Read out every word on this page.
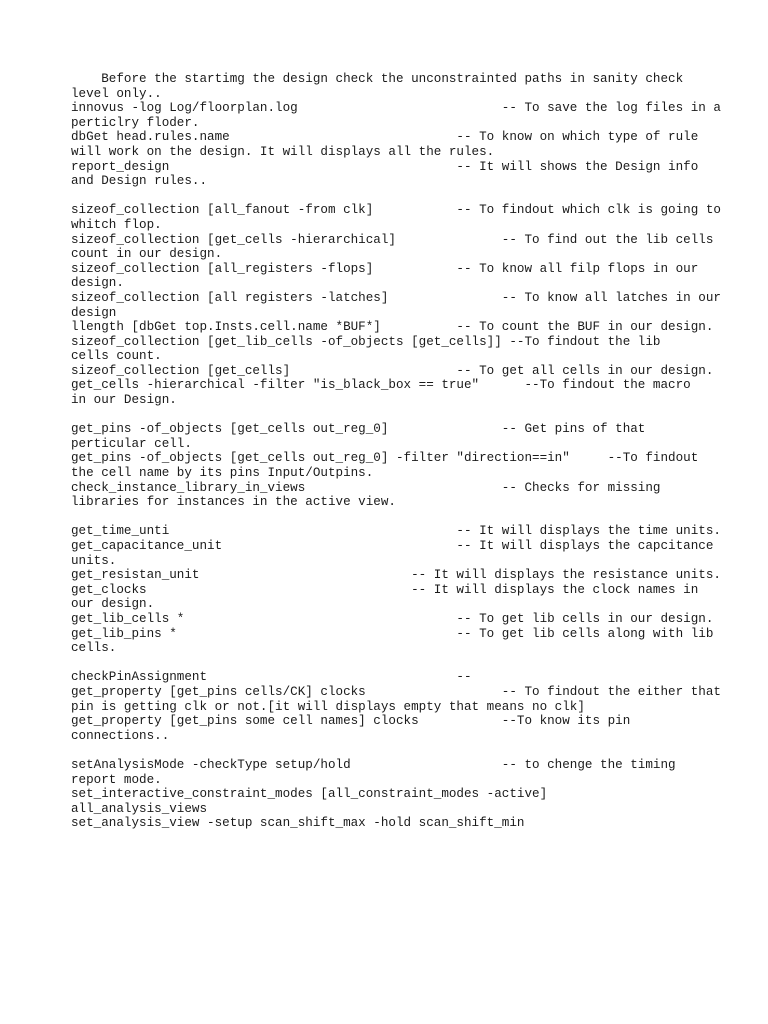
Before the startimg the design check the unconstrainted paths in sanity check
level only..
innovus -log Log/floorplan.log                           -- To save the log files in a
perticlry floder.
dbGet head.rules.name                              -- To know on which type of rule
will work on the design. It will displays all the rules.
report_design                                      -- It will shows the Design info
and Design rules..
sizeof_collection [all_fanout -from clk]           -- To findout which clk is going to
whitch flop.
sizeof_collection [get_cells -hierarchical]              -- To find out the lib cells
count in our design.
sizeof_collection [all_registers -flops]           -- To know all filp flops in our
design.
sizeof_collection [all registers -latches]               -- To know all latches in our
design
llength [dbGet top.Insts.cell.name *BUF*]          -- To count the BUF in our design.
sizeof_collection [get_lib_cells -of_objects [get_cells]] --To findout the lib
cells count.
sizeof_collection [get_cells]                      -- To get all cells in our design.
get_cells -hierarchical -filter "is_black_box == true"      --To findout the macro
in our Design.
get_pins -of_objects [get_cells out_reg_0]               -- Get pins of that
perticular cell.
get_pins -of_objects [get_cells out_reg_0] -filter "direction==in"     --To findout
the cell name by its pins Input/Outpins.
check_instance_library_in_views                          -- Checks for missing
libraries for instances in the active view.
get_time_unti                                      -- It will displays the time units.
get_capacitance_unit                               -- It will displays the capcitance
units.
get_resistan_unit                            -- It will displays the resistance units.
get_clocks                                   -- It will displays the clock names in
our design.
get_lib_cells *                                    -- To get lib cells in our design.
get_lib_pins *                                     -- To get lib cells along with lib
cells.
checkPinAssignment                                 --
get_property [get_pins cells/CK] clocks                  -- To findout the either that
pin is getting clk or not.[it will displays empty that means no clk]
get_property [get_pins some cell names] clocks           --To know its pin
connections..
setAnalysisMode -checkType setup/hold                    -- to chenge the timing
report mode.
set_interactive_constraint_modes [all_constraint_modes -active]
all_analysis_views
set_analysis_view -setup scan_shift_max -hold scan_shift_min
